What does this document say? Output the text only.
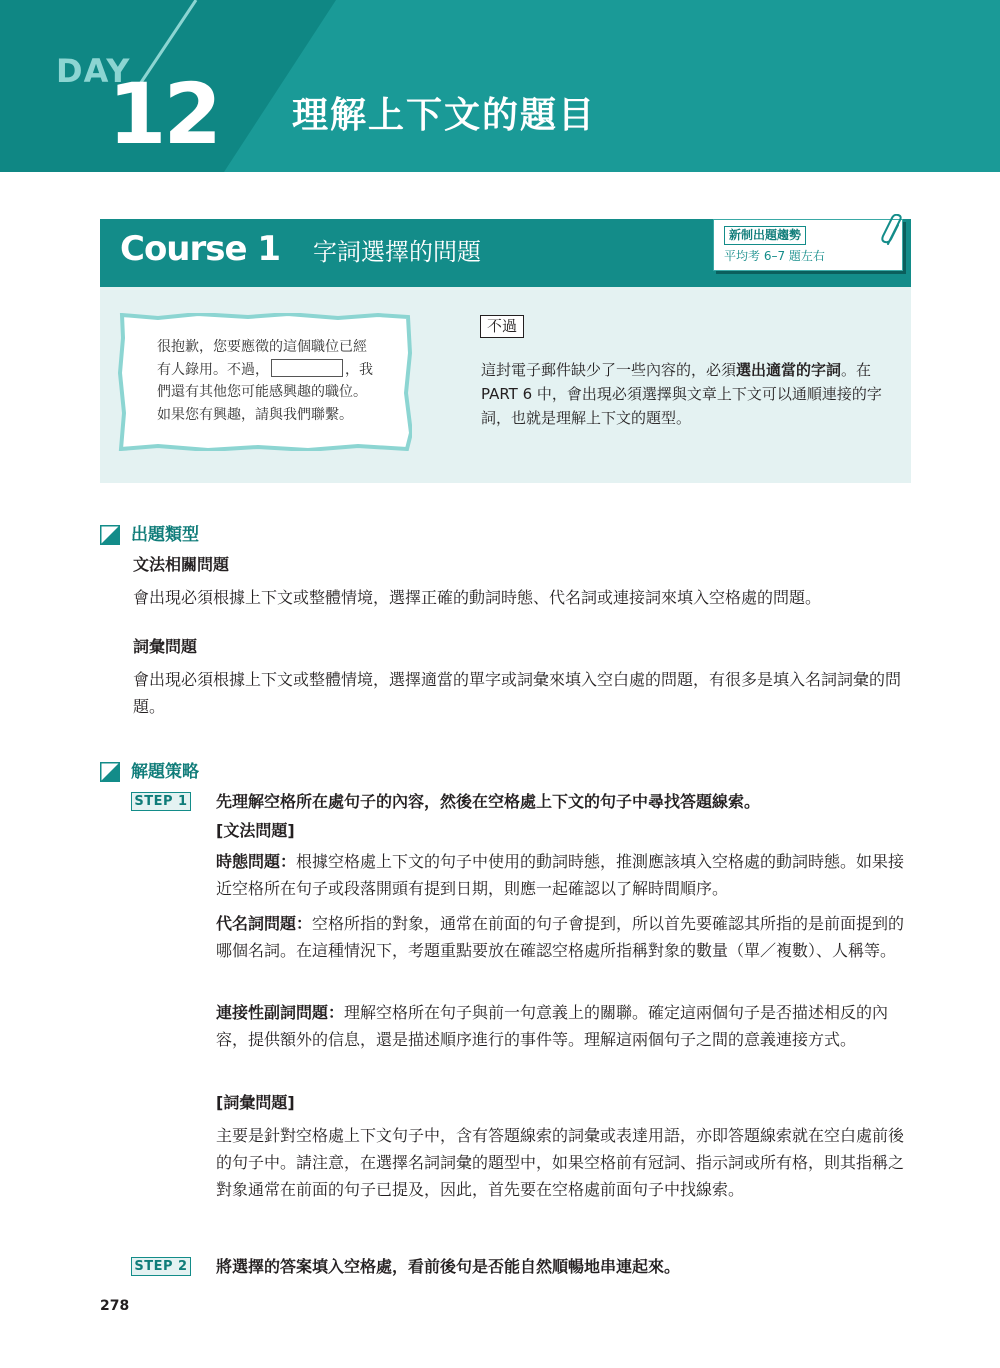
DAY
12 理解上下文的題目
Course 1 字詞選擇的問題
新制出題趨勢
平均考 6–7 題左右
很抱歉，您要應徵的這個職位已經
有人錄用。不過，	，我
們還有其他您可能感興趣的職位。
如果您有興趣，請與我們聯繫。
不過
這封電子郵件缺少了一些內容的，必須選出適當的字詞。在 PART 6 中，會出現必須選擇與文章上下文可以通順連接的字詞，也就是理解上下文的題型。
出題類型
文法相關問題
會出現必須根據上下文或整體情境，選擇正確的動詞時態、代名詞或連接詞來填入空格處的問題。
詞彙問題
會出現必須根據上下文或整體情境，選擇適當的單字或詞彙來填入空白處的問題，有很多是填入名詞詞彙的問題。
解題策略
STEP 1 先理解空格所在處句子的內容，然後在空格處上下文的句子中尋找答題線索。
[文法問題]
時態問題：根據空格處上下文的句子中使用的動詞時態，推測應該填入空格處的動詞時態。如果接近空格所在句子或段落開頭有提到日期，則應一起確認以了解時間順序。
代名詞問題：空格所指的對象，通常在前面的句子會提到，所以首先要確認其所指的是前面提到的哪個名詞。在這種情況下，考題重點要放在確認空格處所指稱對象的數量（單／複數）、人稱等。
連接性副詞問題：理解空格所在句子與前一句意義上的關聯。確定這兩個句子是否描述相反的內容，提供額外的信息，還是描述順序進行的事件等。理解這兩個句子之間的意義連接方式。
[詞彙問題]
主要是針對空格處上下文句子中，含有答題線索的詞彙或表達用語，亦即答題線索就在空白處前後的句子中。請注意，在選擇名詞詞彙的題型中，如果空格前有冠詞、指示詞或所有格，則其指稱之對象通常在前面的句子已提及，因此，首先要在空格處前面句子中找線索。
STEP 2 將選擇的答案填入空格處，看前後句是否能自然順暢地串連起來。
278
